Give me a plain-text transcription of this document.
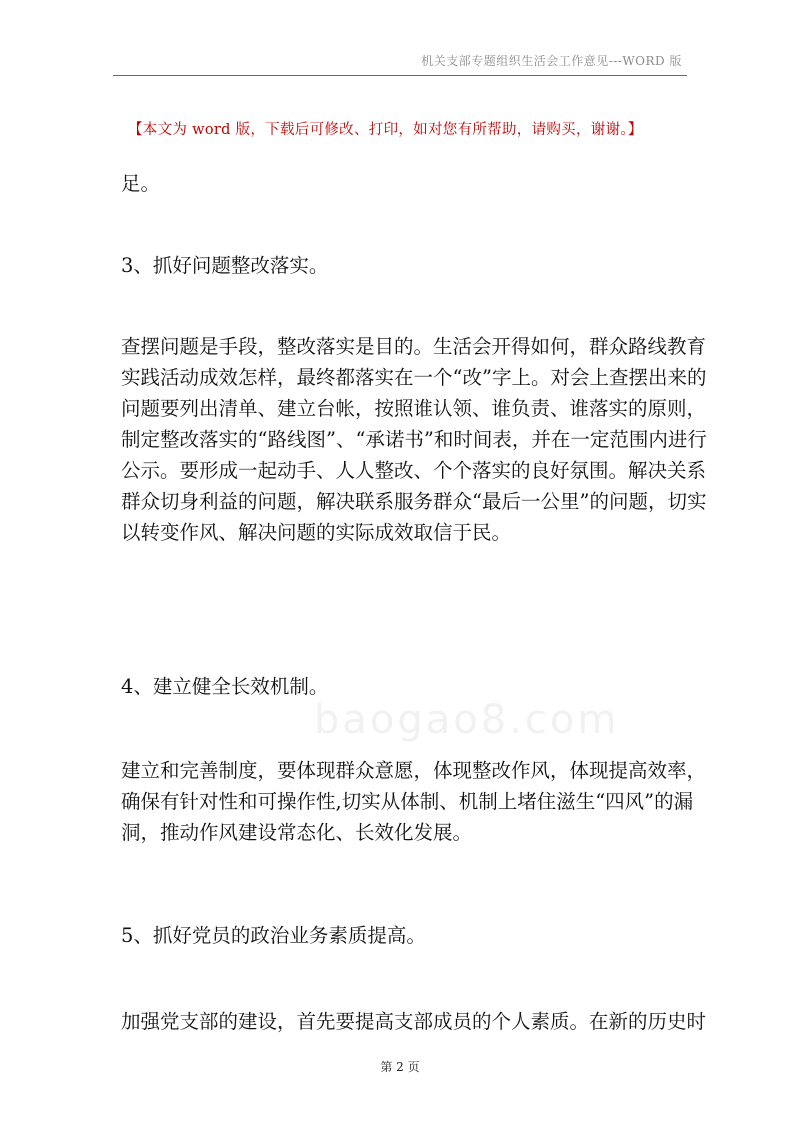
机关支部专题组织生活会工作意见---WORD 版
【本文为 word 版，下载后可修改、打印，如对您有所帮助，请购买，谢谢。】
baogao8.com

足。

3、抓好问题整改落实。

查摆问题是手段，整改落实是目的。生活会开得如何，群众路线教育
实践活动成效怎样，最终都落实在一个“改”字上。对会上查摆出来的
问题要列出清单、建立台帐，按照谁认领、谁负责、谁落实的原则，
制定整改落实的“路线图”、“承诺书”和时间表，并在一定范围内进行
公示。要形成一起动手、人人整改、个个落实的良好氛围。解决关系
群众切身利益的问题，解决联系服务群众“最后一公里”的问题，切实
以转变作风、解决问题的实际成效取信于民。

4、建立健全长效机制。

建立和完善制度，要体现群众意愿，体现整改作风，体现提高效率，
确保有针对性和可操作性,切实从体制、机制上堵住滋生“四风”的漏
洞，推动作风建设常态化、长效化发展。

5、抓好党员的政治业务素质提高。

加强党支部的建设，首先要提高支部成员的个人素质。在新的历史时

第 2 页
